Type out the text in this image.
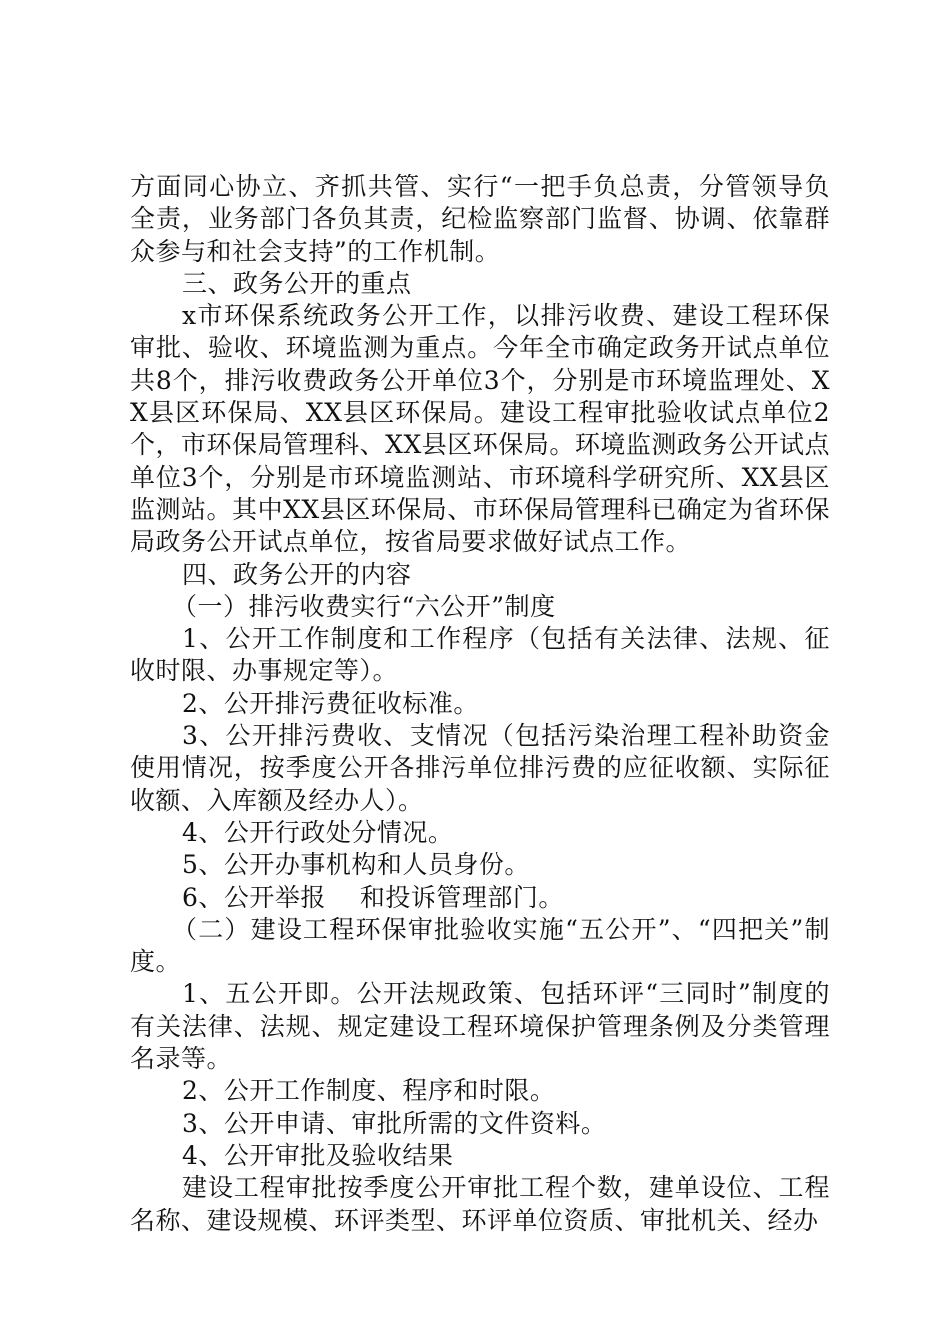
方面同心协立、齐抓共管、实行“一把手负总责，分管领导负全责，业务部门各负其责，纪检监察部门监督、协调、依靠群众参与和社会支持”的工作机制。

三、政务公开的重点

x市环保系统政务公开工作，以排污收费、建设工程环保审批、验收、环境监测为重点。今年全市确定政务开试点单位共8个，排污收费政务公开单位3个，分别是市环境监理处、XX县区环保局、XX县区环保局。建设工程审批验收试点单位2个，市环保局管理科、XX县区环保局。环境监测政务公开试点单位3个，分别是市环境监测站、市环境科学研究所、XX县区监测站。其中XX县区环保局、市环保局管理科已确定为省环保局政务公开试点单位，按省局要求做好试点工作。

四、政务公开的内容

（一）排污收费实行“六公开”制度

1、公开工作制度和工作程序（包括有关法律、法规、征收时限、办事规定等）。

2、公开排污费征收标准。

3、公开排污费收、支情况（包括污染治理工程补助资金使用情况，按季度公开各排污单位排污费的应征收额、实际征收额、入库额及经办人）。

4、公开行政处分情况。

5、公开办事机构和人员身份。

6、公开举报　 和投诉管理部门。

（二）建设工程环保审批验收实施“五公开”、“四把关”制度。

1、五公开即。公开法规政策、包括环评“三同时”制度的有关法律、法规、规定建设工程环境保护管理条例及分类管理名录等。

2、公开工作制度、程序和时限。

3、公开申请、审批所需的文件资料。

4、公开审批及验收结果

建设工程审批按季度公开审批工程个数，建单设位、工程名称、建设规模、环评类型、环评单位资质、审批机关、经办
